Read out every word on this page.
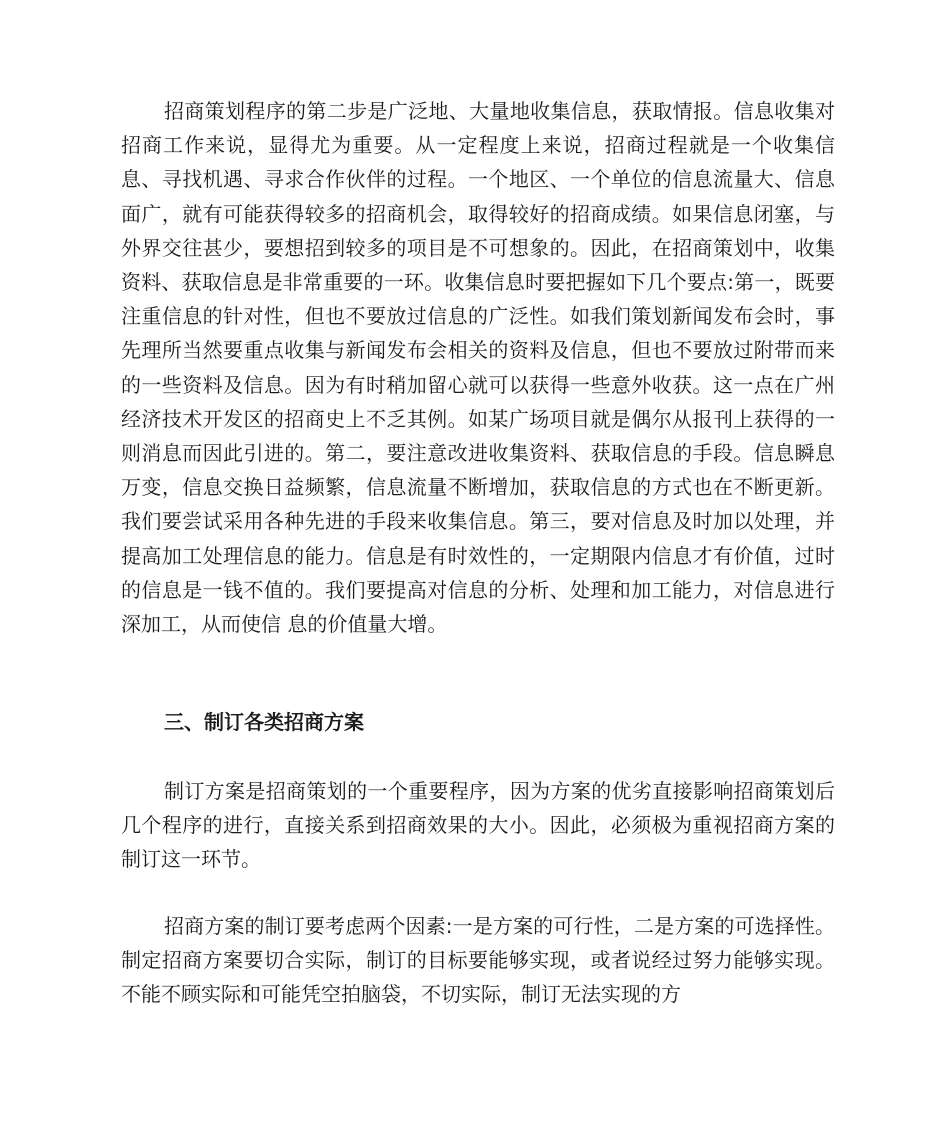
招商策划程序的第二步是广泛地、大量地收集信息，获取情报。信息收集对招商工作来说，显得尤为重要。从一定程度上来说，招商过程就是一个收集信息、寻找机遇、寻求合作伙伴的过程。一个地区、一个单位的信息流量大、信息面广，就有可能获得较多的招商机会，取得较好的招商成绩。如果信息闭塞，与外界交往甚少，要想招到较多的项目是不可想象的。因此，在招商策划中，收集资料、获取信息是非常重要的一环。收集信息时要把握如下几个要点:第一，既要注重信息的针对性，但也不要放过信息的广泛性。如我们策划新闻发布会时，事先理所当然要重点收集与新闻发布会相关的资料及信息，但也不要放过附带而来的一些资料及信息。因为有时稍加留心就可以获得一些意外收获。这一点在广州经济技术开发区的招商史上不乏其例。如某广场项目就是偶尔从报刊上获得的一则消息而因此引进的。第二，要注意改进收集资料、获取信息的手段。信息瞬息万变，信息交换日益频繁，信息流量不断增加，获取信息的方式也在不断更新。我们要尝试采用各种先进的手段来收集信息。第三，要对信息及时加以处理，并提高加工处理信息的能力。信息是有时效性的，一定期限内信息才有价值，过时的信息是一钱不值的。我们要提高对信息的分析、处理和加工能力，对信息进行深加工，从而使信 息的价值量大增。

三、制订各类招商方案

制订方案是招商策划的一个重要程序，因为方案的优劣直接影响招商策划后几个程序的进行，直接关系到招商效果的大小。因此，必须极为重视招商方案的制订这一环节。

招商方案的制订要考虑两个因素:一是方案的可行性，二是方案的可选择性。制定招商方案要切合实际，制订的目标要能够实现，或者说经过努力能够实现。不能不顾实际和可能凭空拍脑袋，不切实际，制订无法实现的方
